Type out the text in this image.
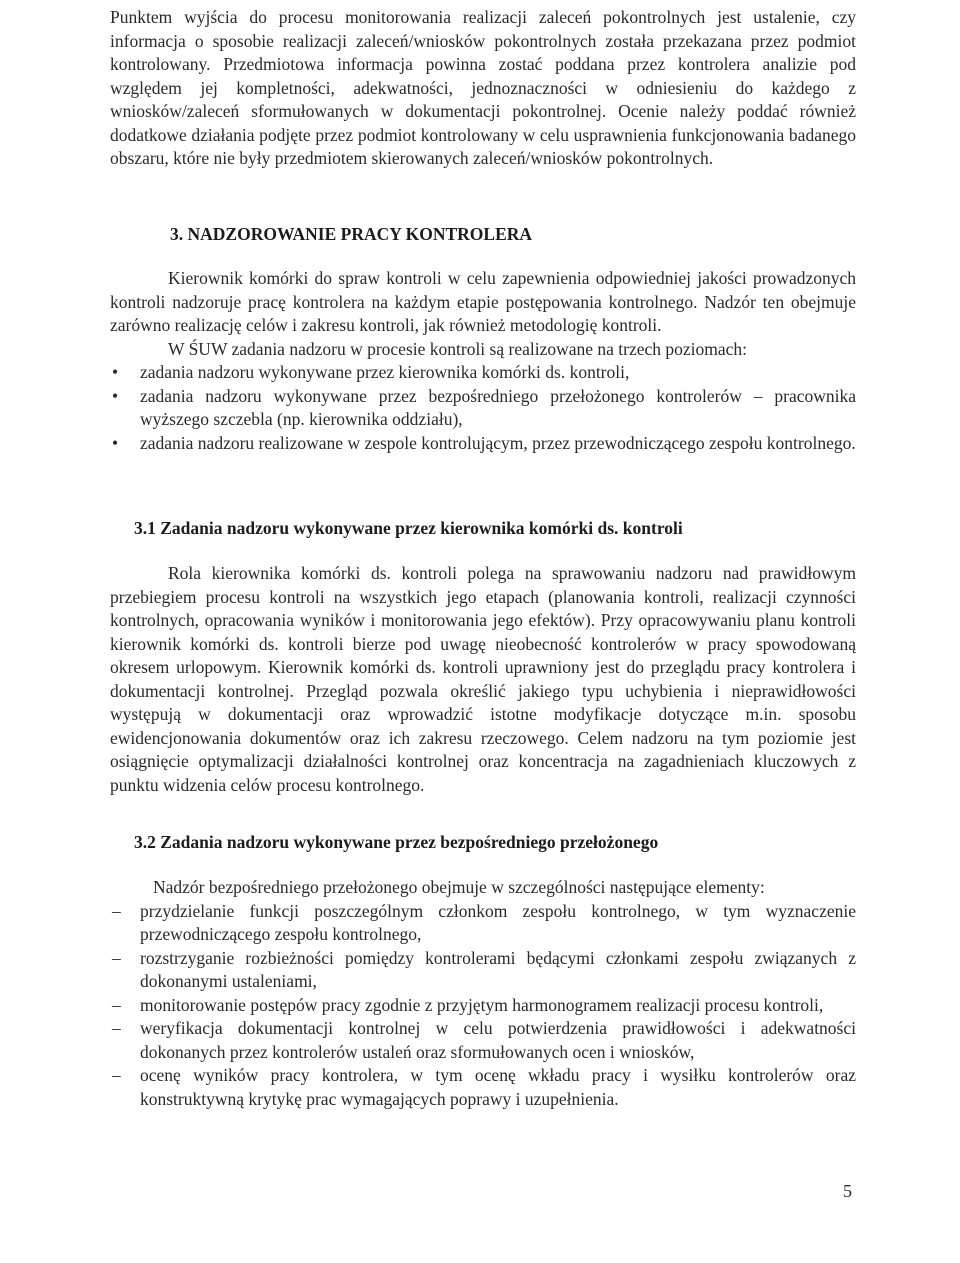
Punktem wyjścia do procesu monitorowania realizacji zaleceń pokontrolnych jest ustalenie, czy informacja o sposobie realizacji zaleceń/wniosków pokontrolnych została przekazana przez podmiot kontrolowany. Przedmiotowa informacja powinna zostać poddana przez kontrolera analizie pod względem jej kompletności, adekwatności, jednoznaczności w odniesieniu do każdego z wniosków/zaleceń sformułowanych w dokumentacji pokontrolnej. Ocenie należy poddać również dodatkowe działania podjęte przez podmiot kontrolowany w celu usprawnienia funkcjonowania badanego obszaru, które nie były przedmiotem skierowanych zaleceń/wniosków pokontrolnych.

3. NADZOROWANIE PRACY KONTROLERA

Kierownik komórki do spraw kontroli w celu zapewnienia odpowiedniej jakości prowadzonych kontroli nadzoruje pracę kontrolera na każdym etapie postępowania kontrolnego. Nadzór ten obejmuje zarówno realizację celów i zakresu kontroli, jak również metodologię kontroli.

W ŚUW zadania nadzoru w procesie kontroli są realizowane na trzech poziomach:

•	zadania nadzoru wykonywane przez kierownika komórki ds. kontroli,
•	zadania nadzoru wykonywane przez bezpośredniego przełożonego kontrolerów – pracownika wyższego szczebla (np. kierownika oddziału),
•	zadania nadzoru realizowane w zespole kontrolującym, przez przewodniczącego zespołu kontrolnego.
3.1 Zadania nadzoru wykonywane przez kierownika komórki ds. kontroli

Rola kierownika komórki ds. kontroli polega na sprawowaniu nadzoru nad prawidłowym przebiegiem procesu kontroli na wszystkich jego etapach (planowania kontroli, realizacji czynności kontrolnych, opracowania wyników i monitorowania jego efektów). Przy opracowywaniu planu kontroli kierownik komórki ds. kontroli bierze pod uwagę nieobecność kontrolerów w pracy spowodowaną okresem urlopowym. Kierownik komórki ds. kontroli uprawniony jest do przeglądu pracy kontrolera i dokumentacji kontrolnej. Przegląd pozwala określić jakiego typu uchybienia i nieprawidłowości występują w dokumentacji oraz wprowadzić istotne modyfikacje dotyczące m.in. sposobu ewidencjonowania dokumentów oraz ich zakresu rzeczowego. Celem nadzoru na tym poziomie jest osiągnięcie optymalizacji działalności kontrolnej oraz koncentracja na zagadnieniach kluczowych z punktu widzenia celów procesu kontrolnego.

3.2 Zadania nadzoru wykonywane przez bezpośredniego przełożonego

Nadzór bezpośredniego przełożonego obejmuje w szczególności następujące elementy:

–	przydzielanie funkcji poszczególnym członkom zespołu kontrolnego, w tym wyznaczenie przewodniczącego zespołu kontrolnego,
–	rozstrzyganie rozbieżności pomiędzy kontrolerami będącymi członkami zespołu związanych z dokonanymi ustaleniami,
–	monitorowanie postępów pracy zgodnie z przyjętym harmonogramem realizacji procesu kontroli,
–	weryfikacja dokumentacji kontrolnej w celu potwierdzenia prawidłowości i adekwatności dokonanych przez kontrolerów ustaleń oraz sformułowanych ocen i wniosków,
–	ocenę wyników pracy kontrolera, w tym ocenę wkładu pracy i wysiłku kontrolerów oraz konstruktywną krytykę prac wymagających poprawy i uzupełnienia.
5
